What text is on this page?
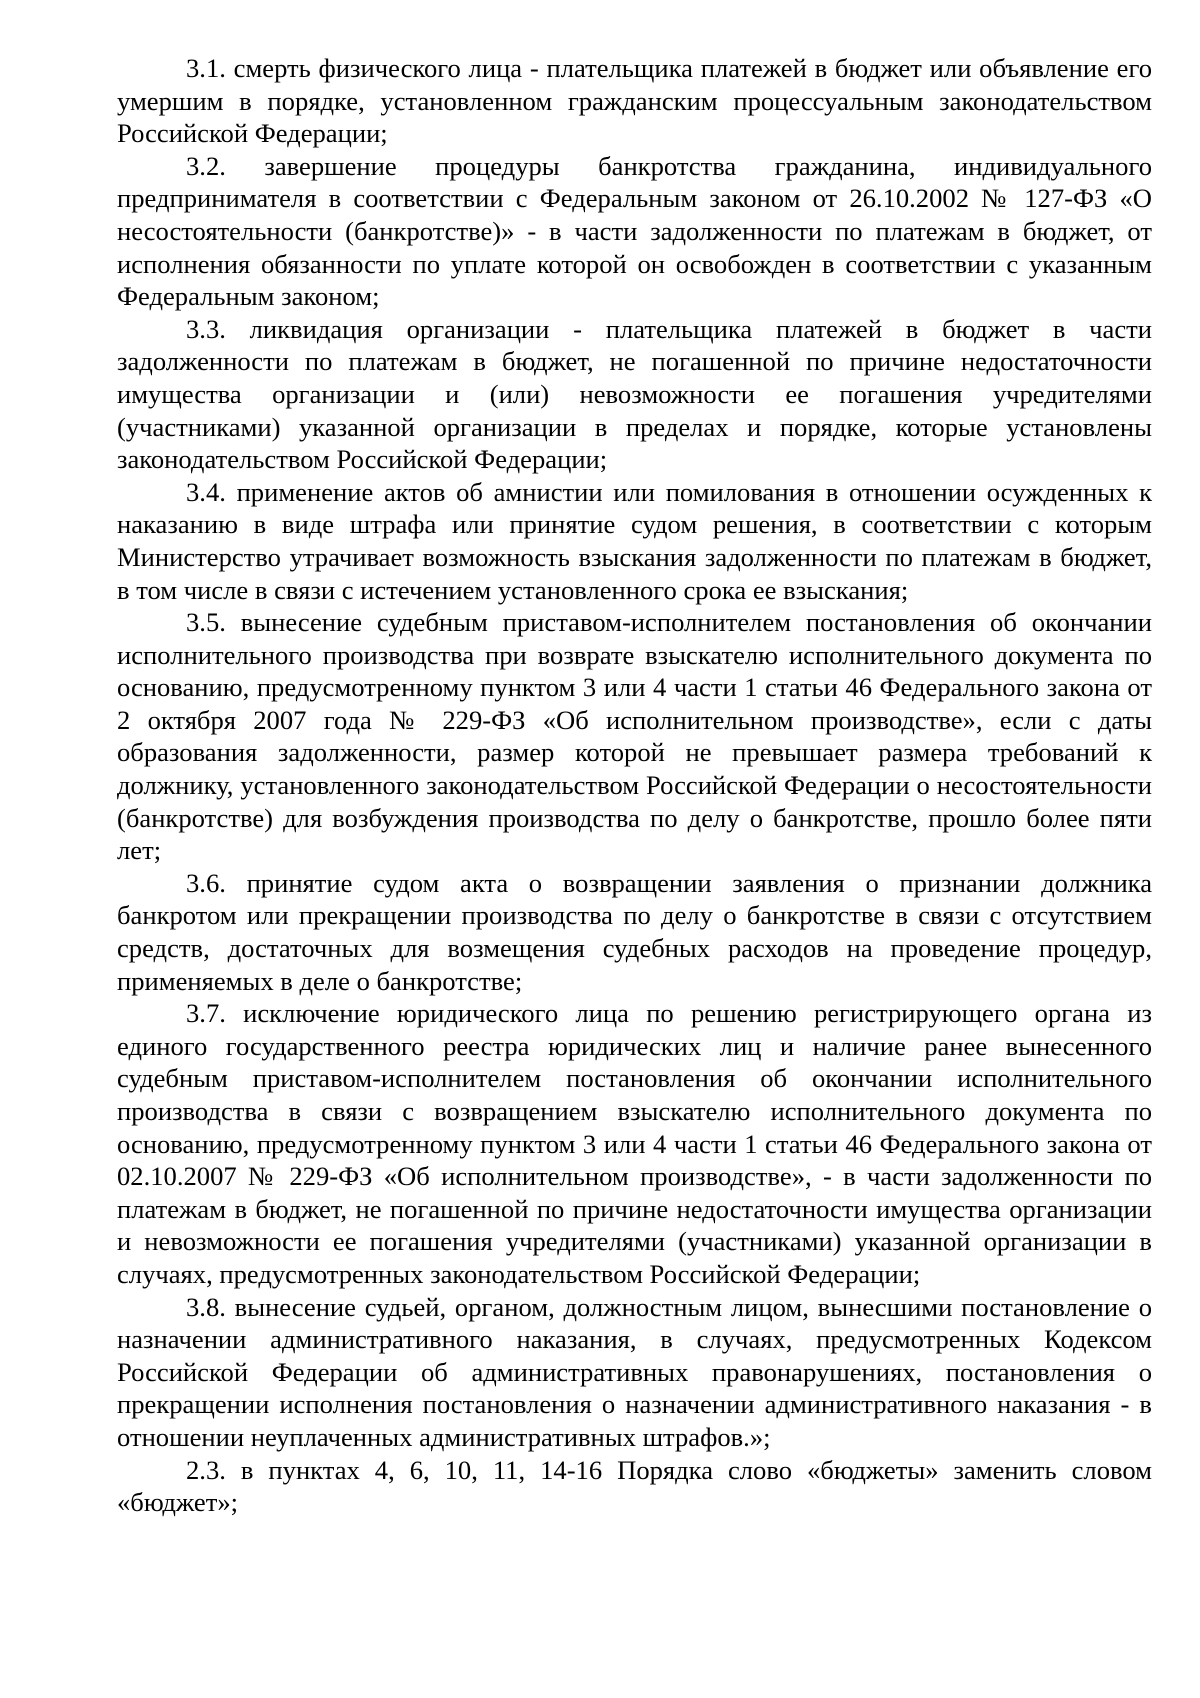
3.1. смерть физического лица - плательщика платежей в бюджет или объявление его умершим в порядке, установленном гражданским процессуальным законодательством Российской Федерации;

3.2. завершение процедуры банкротства гражданина, индивидуального предпринимателя в соответствии с Федеральным законом от 26.10.2002 № 127-ФЗ «О несостоятельности (банкротстве)» - в части задолженности по платежам в бюджет, от исполнения обязанности по уплате которой он освобожден в соответствии с указанным Федеральным законом;

3.3. ликвидация организации - плательщика платежей в бюджет в части задолженности по платежам в бюджет, не погашенной по причине недостаточности имущества организации и (или) невозможности ее погашения учредителями (участниками) указанной организации в пределах и порядке, которые установлены законодательством Российской Федерации;

3.4. применение актов об амнистии или помилования в отношении осужденных к наказанию в виде штрафа или принятие судом решения, в соответствии с которым Министерство утрачивает возможность взыскания задолженности по платежам в бюджет, в том числе в связи с истечением установленного срока ее взыскания;

3.5. вынесение судебным приставом-исполнителем постановления об окончании исполнительного производства при возврате взыскателю исполнительного документа по основанию, предусмотренному пунктом 3 или 4 части 1 статьи 46 Федерального закона от 2 октября 2007 года № 229-ФЗ «Об исполнительном производстве», если с даты образования задолженности, размер которой не превышает размера требований к должнику, установленного законодательством Российской Федерации о несостоятельности (банкротстве) для возбуждения производства по делу о банкротстве, прошло более пяти лет;

3.6. принятие судом акта о возвращении заявления о признании должника банкротом или прекращении производства по делу о банкротстве в связи с отсутствием средств, достаточных для возмещения судебных расходов на проведение процедур, применяемых в деле о банкротстве;

3.7. исключение юридического лица по решению регистрирующего органа из единого государственного реестра юридических лиц и наличие ранее вынесенного судебным приставом-исполнителем постановления об окончании исполнительного производства в связи с возвращением взыскателю исполнительного документа по основанию, предусмотренному пунктом 3 или 4 части 1 статьи 46 Федерального закона от 02.10.2007 № 229-ФЗ «Об исполнительном производстве», - в части задолженности по платежам в бюджет, не погашенной по причине недостаточности имущества организации и невозможности ее погашения учредителями (участниками) указанной организации в случаях, предусмотренных законодательством Российской Федерации;

3.8. вынесение судьей, органом, должностным лицом, вынесшими постановление о назначении административного наказания, в случаях, предусмотренных Кодексом Российской Федерации об административных правонарушениях, постановления о прекращении исполнения постановления о назначении административного наказания - в отношении неуплаченных административных штрафов.»;

2.3. в пунктах 4, 6, 10, 11, 14-16 Порядка слово «бюджеты» заменить словом «бюджет»;
